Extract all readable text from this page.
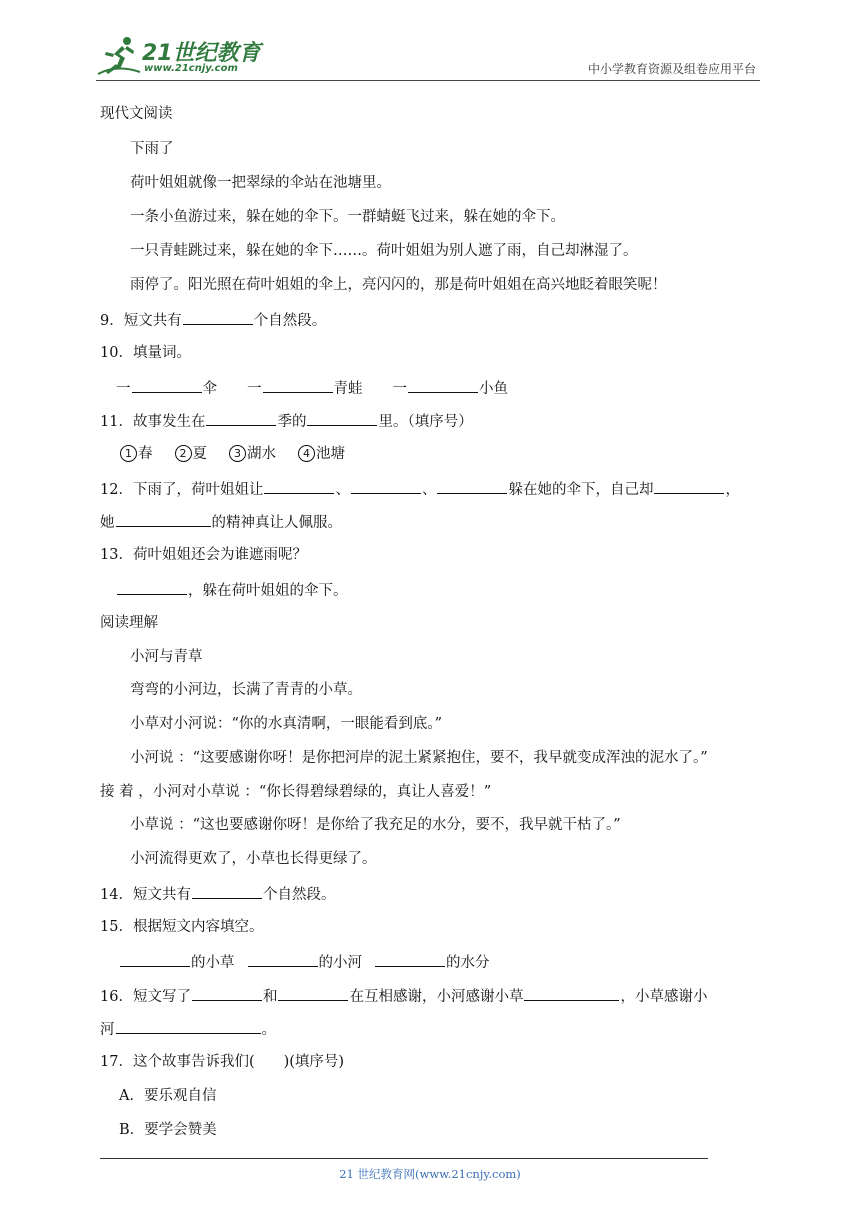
21世纪教育
www.21cnjy.com	中小学教育资源及组卷应用平台
现代文阅读
下雨了
荷叶姐姐就像一把翠绿的伞站在池塘里。
一条小鱼游过来，躲在她的伞下。一群蜻蜓飞过来，躲在她的伞下。
一只青蛙跳过来，躲在她的伞下……。荷叶姐姐为别人遮了雨，自己却淋湿了。
雨停了。阳光照在荷叶姐姐的伞上，亮闪闪的，那是荷叶姐姐在高兴地眨着眼笑呢！
9．短文共有	个自然段。
10．填量词。
一	伞 一	青蛙 一	小鱼
11．故事发生在	季的	里。（填序号）
1 春 2 夏 3 湖水 4 池塘
12．下雨了，荷叶姐姐让	、	、	躲在她的伞下，自己却	，
她	的精神真让人佩服。
13．荷叶姐姐还会为谁遮雨呢？
，躲在荷叶姐姐的伞下。
阅读理解
小河与青草
弯弯的小河边，长满了青青的小草。
小草对小河说：“你的水真清啊，一眼能看到底。”
小河说 ：“这要感谢你呀！是你把河岸的泥土紧紧抱住，要不，我早就变成浑浊的泥水了。”
接 着 ，小河对小草说 ：“你长得碧绿碧绿的，真让人喜爱！”
小草说 ：“这也要感谢你呀！是你给了我充足的水分，要不，我早就干枯了。”
小河流得更欢了，小草也长得更绿了。
14．短文共有	个自然段。
15．根据短文内容填空。
的小草	的小河	的水分
16．短文写了	和	在互相感谢，小河感谢小草	，小草感谢小
河	。
17．这个故事告诉我们(　　)(填序号)
A．要乐观自信
B．要学会赞美
21 世纪教育网(www.21cnjy.com)
